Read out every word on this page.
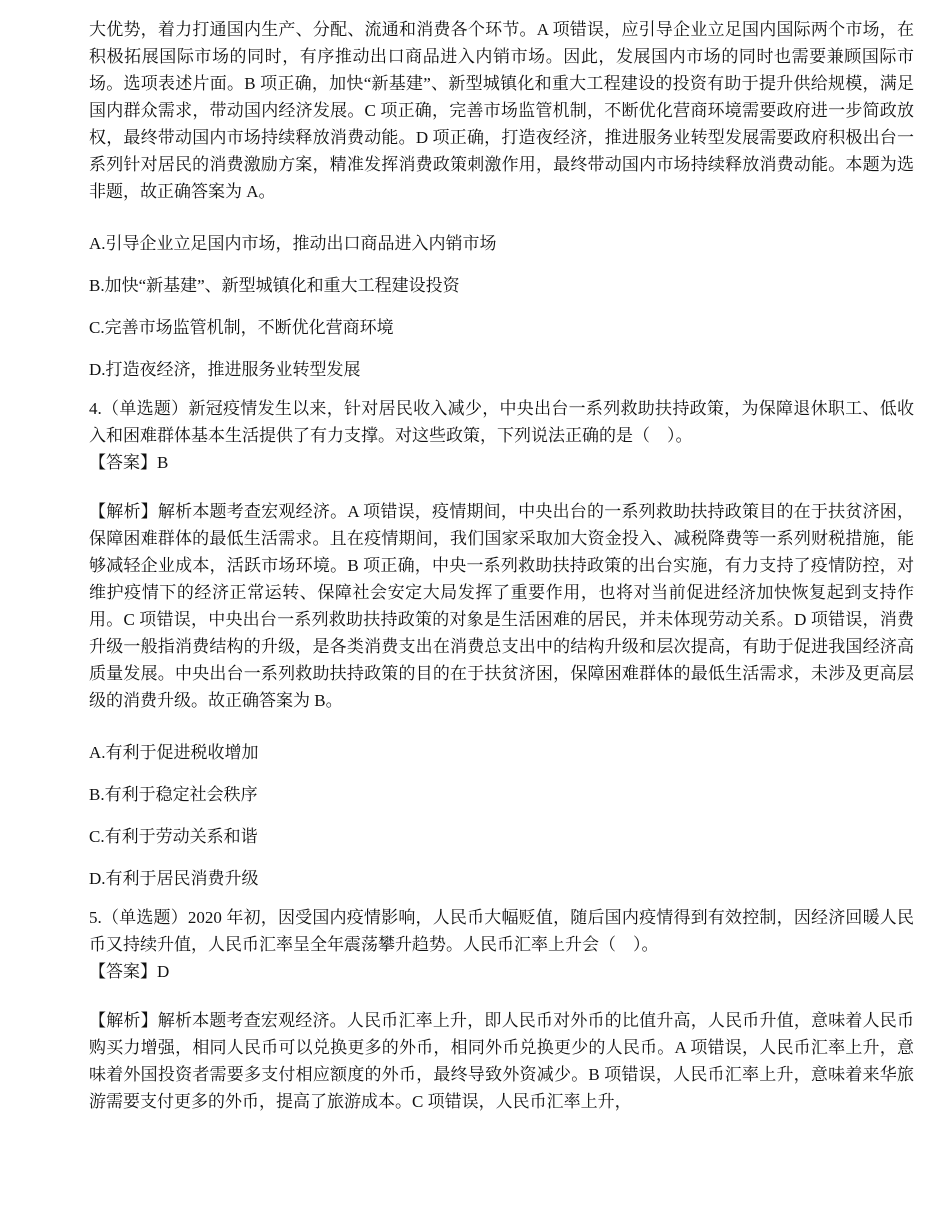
大优势，着力打通国内生产、分配、流通和消费各个环节。A 项错误，应引导企业立足国内国际两个市场，在积极拓展国际市场的同时，有序推动出口商品进入内销市场。因此，发展国内市场的同时也需要兼顾国际市场。选项表述片面。B 项正确，加快“新基建”、新型城镇化和重大工程建设的投资有助于提升供给规模，满足国内群众需求，带动国内经济发展。C 项正确，完善市场监管机制，不断优化营商环境需要政府进一步简政放权，最终带动国内市场持续释放消费动能。D 项正确，打造夜经济，推进服务业转型发展需要政府积极出台一系列针对居民的消费激励方案，精准发挥消费政策刺激作用，最终带动国内市场持续释放消费动能。本题为选非题，故正确答案为 A。

A.引导企业立足国内市场，推动出口商品进入内销市场

B.加快“新基建”、新型城镇化和重大工程建设投资

C.完善市场监管机制，不断优化营商环境

D.打造夜经济，推进服务业转型发展

4.（单选题）新冠疫情发生以来，针对居民收入减少，中央出台一系列救助扶持政策，为保障退休职工、低收入和困难群体基本生活提供了有力支撑。对这些政策，下列说法正确的是（　）。

【答案】B

【解析】解析本题考查宏观经济。A 项错误，疫情期间，中央出台的一系列救助扶持政策目的在于扶贫济困，保障困难群体的最低生活需求。且在疫情期间，我们国家采取加大资金投入、减税降费等一系列财税措施，能够减轻企业成本，活跃市场环境。B 项正确，中央一系列救助扶持政策的出台实施，有力支持了疫情防控，对维护疫情下的经济正常运转、保障社会安定大局发挥了重要作用，也将对当前促进经济加快恢复起到支持作用。C 项错误，中央出台一系列救助扶持政策的对象是生活困难的居民，并未体现劳动关系。D 项错误，消费升级一般指消费结构的升级，是各类消费支出在消费总支出中的结构升级和层次提高，有助于促进我国经济高质量发展。中央出台一系列救助扶持政策的目的在于扶贫济困，保障困难群体的最低生活需求，未涉及更高层级的消费升级。故正确答案为 B。

A.有利于促进税收增加

B.有利于稳定社会秩序

C.有利于劳动关系和谐

D.有利于居民消费升级

5.（单选题）2020 年初，因受国内疫情影响，人民币大幅贬值，随后国内疫情得到有效控制，因经济回暖人民币又持续升值，人民币汇率呈全年震荡攀升趋势。人民币汇率上升会（　）。

【答案】D

【解析】解析本题考查宏观经济。人民币汇率上升，即人民币对外币的比值升高，人民币升值，意味着人民币购买力增强，相同人民币可以兑换更多的外币，相同外币兑换更少的人民币。A 项错误，人民币汇率上升，意味着外国投资者需要多支付相应额度的外币，最终导致外资减少。B 项错误，人民币汇率上升，意味着来华旅游需要支付更多的外币，提高了旅游成本。C 项错误，人民币汇率上升，
